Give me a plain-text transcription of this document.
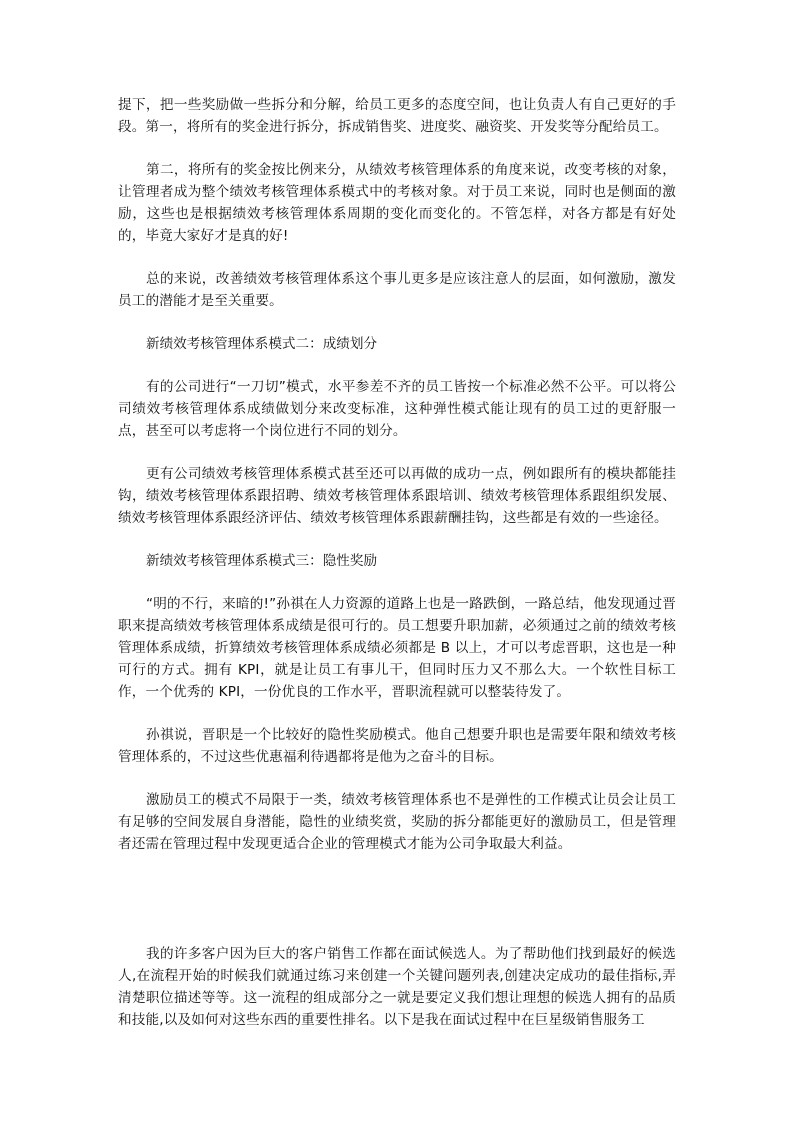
提下，把一些奖励做一些拆分和分解，给员工更多的态度空间，也让负责人有自己更好的手段。第一，将所有的奖金进行拆分，拆成销售奖、进度奖、融资奖、开发奖等分配给员工。

第二，将所有的奖金按比例来分，从绩效考核管理体系的角度来说，改变考核的对象，让管理者成为整个绩效考核管理体系模式中的考核对象。对于员工来说，同时也是侧面的激励，这些也是根据绩效考核管理体系周期的变化而变化的。不管怎样，对各方都是有好处的，毕竟大家好才是真的好!

总的来说，改善绩效考核管理体系这个事儿更多是应该注意人的层面，如何激励，激发员工的潜能才是至关重要。

新绩效考核管理体系模式二：成绩划分

有的公司进行“一刀切”模式，水平参差不齐的员工皆按一个标准必然不公平。可以将公司绩效考核管理体系成绩做划分来改变标准，这种弹性模式能让现有的员工过的更舒服一点，甚至可以考虑将一个岗位进行不同的划分。

更有公司绩效考核管理体系模式甚至还可以再做的成功一点，例如跟所有的模块都能挂钩，绩效考核管理体系跟招聘、绩效考核管理体系跟培训、绩效考核管理体系跟组织发展、绩效考核管理体系跟经济评估、绩效考核管理体系跟薪酬挂钩，这些都是有效的一些途径。

新绩效考核管理体系模式三：隐性奖励

“明的不行，来暗的!”孙祺在人力资源的道路上也是一路跌倒，一路总结，他发现通过晋职来提高绩效考核管理体系成绩是很可行的。员工想要升职加薪，必须通过之前的绩效考核管理体系成绩，折算绩效考核管理体系成绩必须都是 B 以上，才可以考虑晋职，这也是一种可行的方式。拥有 KPI，就是让员工有事儿干，但同时压力又不那么大。一个软性目标工作，一个优秀的 KPI，一份优良的工作水平，晋职流程就可以整装待发了。

孙祺说，晋职是一个比较好的隐性奖励模式。他自己想要升职也是需要年限和绩效考核管理体系的，不过这些优惠福利待遇都将是他为之奋斗的目标。

激励员工的模式不局限于一类，绩效考核管理体系也不是弹性的工作模式让员会让员工有足够的空间发展自身潜能，隐性的业绩奖赏，奖励的拆分都能更好的激励员工，但是管理者还需在管理过程中发现更适合企业的管理模式才能为公司争取最大利益。

我的许多客户因为巨大的客户销售工作都在面试候选人。为了帮助他们找到最好的候选人,在流程开始的时候我们就通过练习来创建一个关键问题列表,创建决定成功的最佳指标,弄清楚职位描述等等。这一流程的组成部分之一就是要定义我们想让理想的候选人拥有的品质和技能,以及如何对这些东西的重要性排名。以下是我在面试过程中在巨星级销售服务工
